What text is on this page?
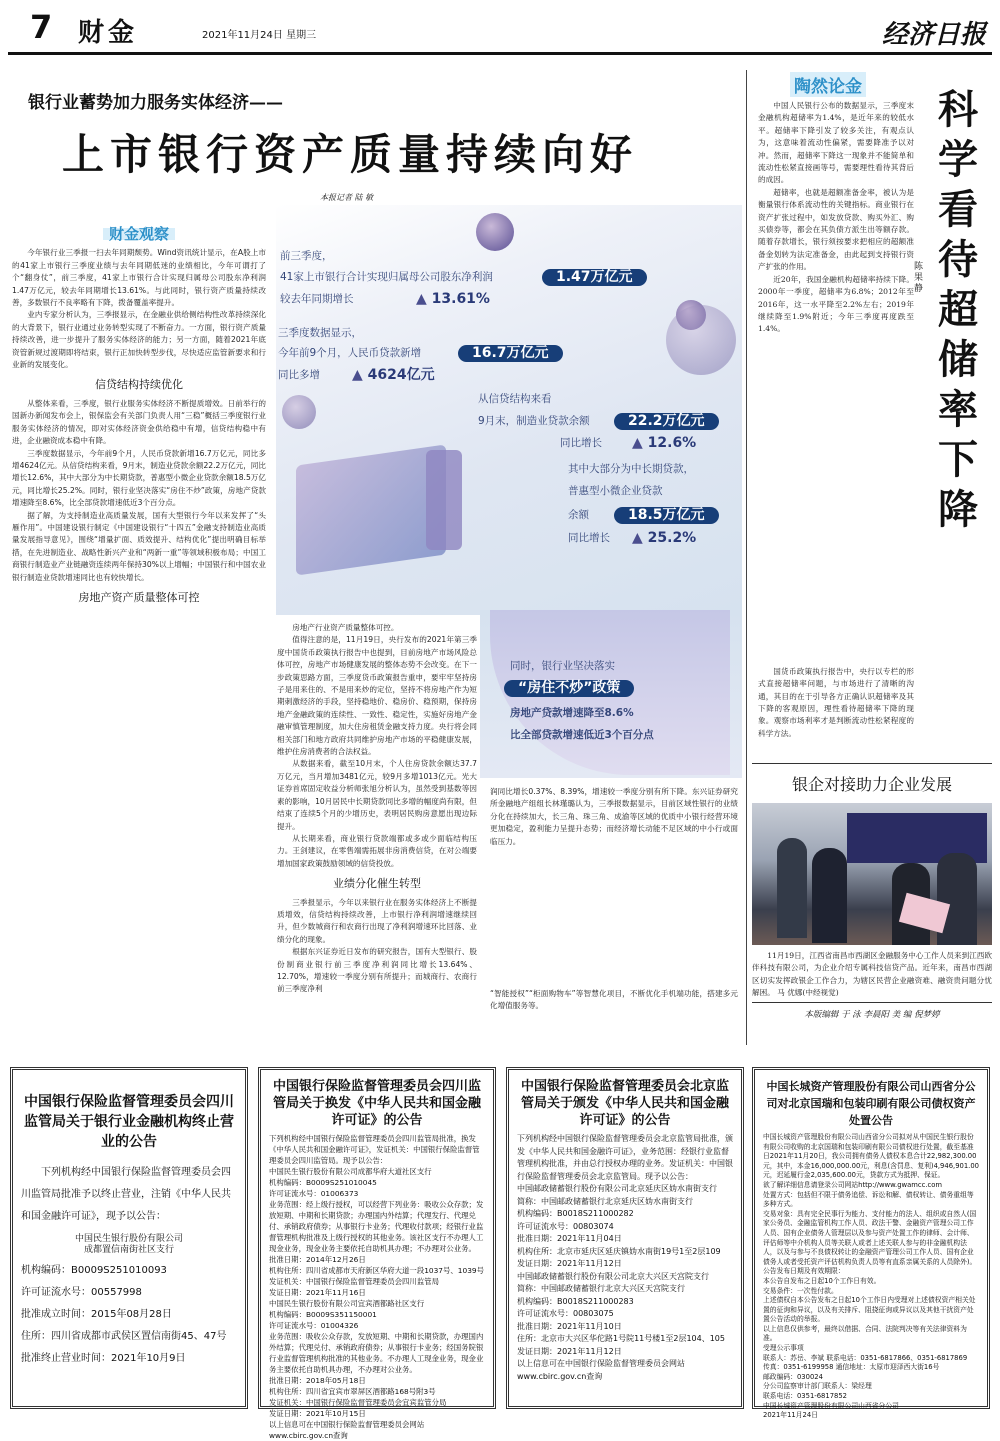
7 财金	2021年11月24日 星期三	经济日报
银行业蓄势加力服务实体经济——
上市银行资产质量持续向好
本报记者 陆 敏
财金观察

今年银行业三季报一扫去年同期颓势。Wind资讯统计显示，在A股上市的41家上市银行三季度业绩与去年同期低迷的业绩相比，今年可谓打了个“翻身仗”，前三季度，41家上市银行合计实现归属母公司股东净利润1.47万亿元，较去年同期增长13.61%。与此同时，银行资产质量持续改善，多数银行不良率略有下降，拨备覆盖率提升。

业内专家分析认为，三季报显示，在金融业供给侧结构性改革持续深化的大背景下，银行业通过业务转型实现了不断奋力。一方面，银行资产质量持续改善，进一步提升了服务实体经济的能力；另一方面，随着2021年底资管新规过渡期即将结束，银行正加快转型步伐，尽快适应监管新要求和行业新的发展变化。

信贷结构持续优化

从整体来看，三季度，银行业服务实体经济不断提质增效。日前举行的国新办新闻发布会上，银保监会有关部门负责人用“三稳”概括三季度银行业服务实体经济的情况，即对实体经济资金供给稳中有增，信贷结构稳中有进，企业融资成本稳中有降。

三季度数据显示，今年前9个月，人民币贷款新增16.7万亿元，同比多增4624亿元。从信贷结构来看，9月末，制造业贷款余额22.2万亿元，同比增长12.6%，其中大部分为中长期贷款，普惠型小微企业贷款余额18.5万亿元，同比增长25.2%。同时，银行业坚决落实“房住不炒”政策，房地产贷款增速降至8.6%，比全部贷款增速低近3个百分点。

据了解，为支持制造业高质量发展，国有大型银行今年以来发挥了“头雁作用”。中国建设银行制定《中国建设银行“十四五”金融支持制造业高质量发展指导意见》，围绕“增量扩面、质效提升、结构优化”提出明确目标举措，在先进制造业、战略性新兴产业和“两新一重”等领域积极布局；中国工商银行制造业产业链融资连续两年保持30%以上增幅；中国银行和中国农业银行制造业贷款增速同比也有较快增长。

房地产资产质量整体可控
前三季度，
41家上市银行合计实现归属母公司股东净利润	1.47万亿元
较去年同期增长	▲ 13.61%
三季度数据显示，
今年前9个月，人民币贷款新增	16.7万亿元
同比多增	▲ 4624亿元
从信贷结构来看
9月末，制造业贷款余额	22.2万亿元
同比增长	▲ 12.6%
其中大部分为中长期贷款，
普惠型小微企业贷款
余额	18.5万亿元
同比增长	▲ 25.2%
同时，银行业坚决落实
“房住不炒”政策
房地产贷款增速降至8.6%
比全部贷款增速低近3个百分点

房地产行业资产质量整体可控。

值得注意的是，11月19日，央行发布的2021年第三季度中国货币政策执行报告中也提到，目前房地产市场风险总体可控，房地产市场健康发展的整体态势不会改变。在下一步政策思路方面，三季度货币政策报告重申，要牢牢坚持房子是用来住的、不是用来炒的定位，坚持不将房地产作为短期刺激经济的手段，坚持稳地价、稳房价、稳预期，保持房地产金融政策的连续性、一致性、稳定性，实施好房地产金融审慎管理制度，加大住房租赁金融支持力度。央行将会同相关部门和地方政府共同维护房地产市场的平稳健康发展，维护住房消费者的合法权益。

从数据来看，截至10月末，个人住房贷款余额达37.7万亿元，当月增加3481亿元，较9月多增1013亿元。光大证券首席固定收益分析师张旭分析认为，虽然受到基数等因素的影响，10月居民中长期贷款同比多增的幅度尚有限，但结束了连续5个月的少增历史，表明居民购房意愿出现边际提升。

从长期来看，商业银行贷款端都或多或少面临结构压力。王剑建议，在零售端需拓展非房消费信贷，在对公端要增加国家政策鼓励领域的信贷投放。

业绩分化催生转型

三季报显示，今年以来银行业在服务实体经济上不断提质增效，信贷结构持续改善，上市银行净利润增速继续回升，但少数城商行和农商行出现了净利润增速环比回落、业绩分化的现象。

根据东兴证券近日发布的研究报告，国有大型银行、股份制商业银行前三季度净利润同比增长13.64%、12.70%，增速较一季度分别有所提升；而城商行、农商行前三季度净利

润同比增长0.37%、8.39%，增速较一季度分别有所下降。东兴证券研究所金融地产组组长林瑾璐认为，三季报数据显示，目前区域性银行的业绩分化在持续加大，长三角、珠三角、成渝等区域的优质中小银行经营环境更加稳定，盈利能力呈提升态势；而经济增长动能不足区域的中小行或面临压力。

“智能授权”“柜面购物车”等智慧化项目，不断优化手机端功能，搭建多元化增值服务等。

陶然论金

中国人民银行公布的数据显示，三季度末金融机构超储率为1.4%，是近年来的较低水平。超储率下降引发了较多关注，有观点认为，这意味着流动性偏紧，需要降准予以对冲。然而，超储率下降这一现象并不能简单和流动性松紧直接画等号，需要理性看待其背后的成因。

超储率，也就是超额准备金率，被认为是衡量银行体系流动性的关键指标。商业银行在资产扩张过程中，如发放贷款、购买外汇、购买债券等，都会在其负债方派生出等额存款。随着存款增长，银行须按要求把相应的超额准备金划转为法定准备金，由此起到支持银行资产扩张的作用。

近20年，我国金融机构超储率持续下降。2000年一季度，超储率为6.8%；2012年至2016年，这一水平降至2.2%左右；2019年继续降至1.9%附近；今年三季度再度跌至1.4%。

国货币政策执行报告中，央行以专栏的形式直接超储率问题，与市场进行了清晰的沟通，其目的在于引导各方正确认识超储率及其下降的客观原因，理性看待超储率下降的现象。观察市场利率才是判断流动性松紧程度的科学方法。

科学看待超储率下降
陈果静
银企对接助力企业发展

11月19日，江西省南昌市西湖区金融服务中心工作人员来到江西欧伴科技有限公司，为企业介绍专属科技信贷产品。近年来，南昌市西湖区切实发挥政银企工作合力，为辖区民营企业融资难、融资贵问题分忧解困。 马 优娜(中经视觉)

本版编辑 于 泳 李晨阳 美 编 倪梦婷
中国银行保险监督管理委员会四川监管局关于银行业金融机构终止营业的公告
下列机构经中国银行保险监督管理委员会四川监管局批准予以终止营业，注销《中华人民共和国金融许可证》，现予以公告：
中国民生银行股份有限公司
成都置信南街社区支行
机构编码：B0009S251010093
许可证流水号：00557998
批准成立时间：2015年08月28日
住所：四川省成都市武侯区置信南街45、47号
批准终止营业时间：2021年10月9日
中国银行保险监督管理委员会四川监管局关于换发《中华人民共和国金融许可证》的公告
下列机构经中国银行保险监督管理委员会四川监管局批准，换发《中华人民共和国金融许可证》，发证机关：中国银行保险监督管理委员会四川监管局。现予以公告：
中国民生银行股份有限公司成都华府大道社区支行
机构编码：B0009S251010045
许可证流水号：01006373
业务范围：经上级行授权，可以经营下列业务：吸收公众存款；发放短期、中期和长期贷款；办理国内外结算；代理发行、代理兑付、承销政府债券；从事银行卡业务；代理收付款项；经银行业监督管理机构批准及上级行授权的其他业务。该社区支行不办理人工现金业务，现金业务主要依托自助机具办理；不办理对公业务。
批准日期：2014年12月26日
机构住所：四川省成都市天府新区华府大道一段1037号、1039号
发证机关：中国银行保险监督管理委员会四川监管局
发证日期：2021年11月16日
中国民生银行股份有限公司宜宾酒都路社区支行
机构编码：B0009S351150001
许可证流水号：01004326
业务范围：吸收公众存款，发放短期、中期和长期贷款，办理国内外结算；代理兑付、承销政府债券；从事银行卡业务；经国务院银行业监督管理机构批准的其他业务。不办理人工现金业务，现金业务主要依托自助机具办理，不办理对公业务。
批准日期：2018年05月18日
机构住所：四川省宜宾市翠屏区酒都路168号附3号
发证机关：中国银行保险监督管理委员会宜宾监管分局
发证日期：2021年10月15日
以上信息可在中国银行保险监督管理委员会网站www.cbirc.gov.cn查询
中国银行保险监督管理委员会北京监管局关于颁发《中华人民共和国金融许可证》的公告
下列机构经中国银行保险监督管理委员会北京监管局批准，颁发《中华人民共和国金融许可证》，业务范围：经银行业监督管理机构批准，并由总行授权办理的业务。发证机关：中国银行保险监督管理委员会北京监管局。现予以公告：
中国邮政储蓄银行股份有限公司北京延庆区妫水南街支行
简称：中国邮政储蓄银行北京延庆区妫水南街支行
机构编码：B0018S211000282
许可证流水号：00803074
批准日期：2021年11月04日
机构住所：北京市延庆区延庆镇妫水南街19号1至2层109
发证日期：2021年11月12日
中国邮政储蓄银行股份有限公司北京大兴区天宫院支行
简称：中国邮政储蓄银行北京大兴区天宫院支行
机构编码：B0018S211000283
许可证流水号：00803075
批准日期：2021年11月10日
住所：北京市大兴区华佗路1号院11号楼1至2层104、105
发证日期：2021年11月12日
以上信息可在中国银行保险监督管理委员会网站www.cbirc.gov.cn查询
中国长城资产管理股份有限公司山西省分公司对北京国瑞和包装印刷有限公司债权资产处置公告
中国长城资产管理股份有限公司山西省分公司拟对从中国民生银行股份有限公司收购的北京国瑞和包装印刷有限公司债权进行处置，截至基准日2021年11月20日，我公司拥有债务人债权本息合计22,982,300.00元，其中，本金16,000,000.00元，利息(含罚息、复利)4,946,901.00元，迟延履行金2,035,600.00元，贷款方式为抵押、保证。
欲了解详细信息请登录公司网站http://www.gwamcc.com
处置方式：包括但不限于债务追偿、诉讼和解、债权转让、债务重组等多种方式。
交易对象：具有完全民事行为能力、支付能力的法人、组织或自然人(国家公务员、金融监管机构工作人员、政法干警、金融资产管理公司工作人员、国有企业债务人管理层以及参与资产处置工作的律师、会计师、评估师等中介机构人员等关联人或者上述关联人参与的非金融机构法人，以及与参与不良债权转让的金融资产管理公司工作人员、国有企业债务人或者受托资产评估机构负责人员等有直系亲属关系的人员除外)。
公告发布日期及有效期限：
本公告自发布之日起10个工作日有效。
交易条件：一次性付款。
上述债权自本公告发布之日起10个工作日内受理对上述债权资产相关处置的征询和异议，以及有关排斥、阻挠征询或异议以及其他干扰资产处置公告活动的举报。
以上信息仅供参考，最终以借据、合同、法院判决等有关法律资料为准。
受理公示事项
联系人：苏岳、李斌 联系电话：0351-6817866、0351-6817869
传真：0351-6199958 通信地址：太原市迎泽西大街16号
邮政编码：030024
分公司监察审计部门联系人：梁经理
联系电话：0351-6817852
中国长城资产管理股份有限公司山西省分公司
2021年11月24日
